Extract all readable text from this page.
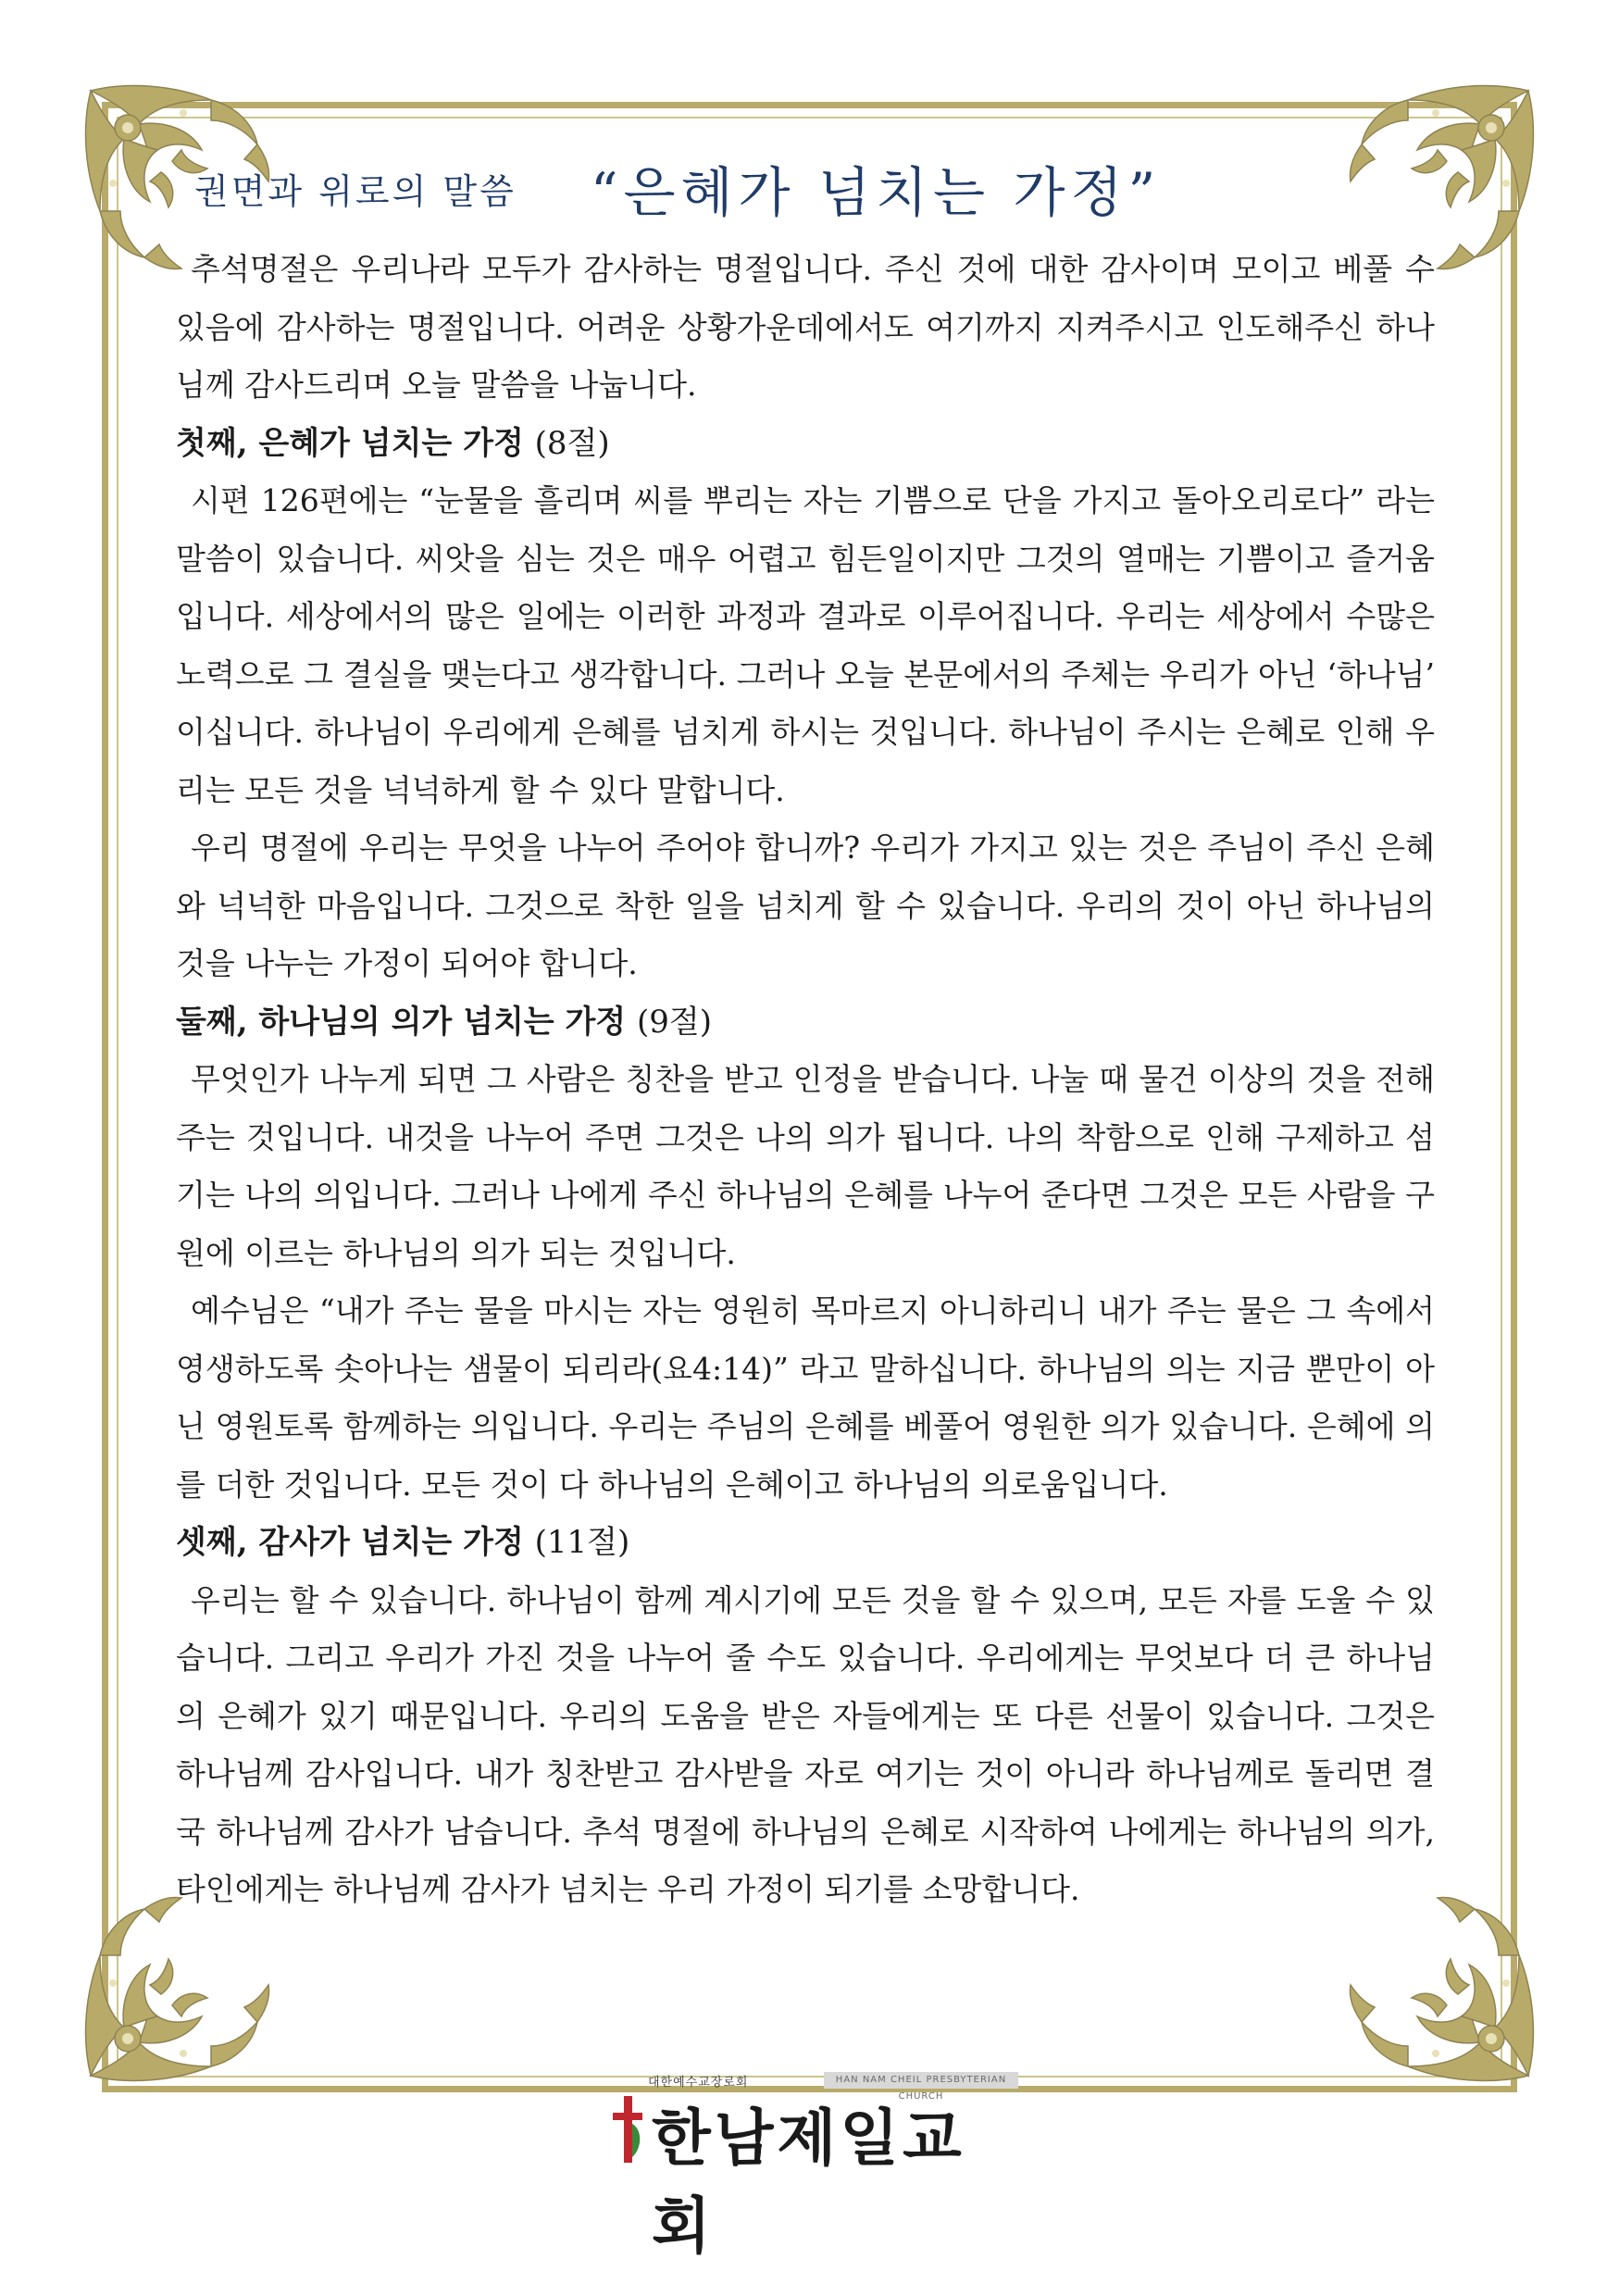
권면과 위로의 말씀 “은혜가 넘치는 가정”

추석명절은 우리나라 모두가 감사하는 명절입니다. 주신 것에 대한 감사이며 모이고 베풀 수 있음에 감사하는 명절입니다. 어려운 상황가운데에서도 여기까지 지켜주시고 인도해주신 하나님께 감사드리며 오늘 말씀을 나눕니다.

첫째, 은혜가 넘치는 가정 (8절)

시편 126편에는 “눈물을 흘리며 씨를 뿌리는 자는 기쁨으로 단을 가지고 돌아오리로다” 라는 말씀이 있습니다. 씨앗을 심는 것은 매우 어렵고 힘든일이지만 그것의 열매는 기쁨이고 즐거움입니다. 세상에서의 많은 일에는 이러한 과정과 결과로 이루어집니다. 우리는 세상에서 수많은 노력으로 그 결실을 맺는다고 생각합니다. 그러나 오늘 본문에서의 주체는 우리가 아닌 ‘하나님’ 이십니다. 하나님이 우리에게 은혜를 넘치게 하시는 것입니다. 하나님이 주시는 은혜로 인해 우리는 모든 것을 넉넉하게 할 수 있다 말합니다.

우리 명절에 우리는 무엇을 나누어 주어야 합니까? 우리가 가지고 있는 것은 주님이 주신 은혜와 넉넉한 마음입니다. 그것으로 착한 일을 넘치게 할 수 있습니다. 우리의 것이 아닌 하나님의 것을 나누는 가정이 되어야 합니다.

둘째, 하나님의 의가 넘치는 가정 (9절)

무엇인가 나누게 되면 그 사람은 칭찬을 받고 인정을 받습니다. 나눌 때 물건 이상의 것을 전해주는 것입니다. 내것을 나누어 주면 그것은 나의 의가 됩니다. 나의 착함으로 인해 구제하고 섬기는 나의 의입니다. 그러나 나에게 주신 하나님의 은혜를 나누어 준다면 그것은 모든 사람을 구원에 이르는 하나님의 의가 되는 것입니다.

예수님은 “내가 주는 물을 마시는 자는 영원히 목마르지 아니하리니 내가 주는 물은 그 속에서 영생하도록 솟아나는 샘물이 되리라(요4:14)” 라고 말하십니다. 하나님의 의는 지금 뿐만이 아닌 영원토록 함께하는 의입니다. 우리는 주님의 은혜를 베풀어 영원한 의가 있습니다. 은혜에 의를 더한 것입니다. 모든 것이 다 하나님의 은혜이고 하나님의 의로움입니다.

셋째, 감사가 넘치는 가정 (11절)

우리는 할 수 있습니다. 하나님이 함께 계시기에 모든 것을 할 수 있으며, 모든 자를 도울 수 있습니다. 그리고 우리가 가진 것을 나누어 줄 수도 있습니다. 우리에게는 무엇보다 더 큰 하나님의 은혜가 있기 때문입니다. 우리의 도움을 받은 자들에게는 또 다른 선물이 있습니다. 그것은 하나님께 감사입니다. 내가 칭찬받고 감사받을 자로 여기는 것이 아니라 하나님께로 돌리면 결국 하나님께 감사가 남습니다. 추석 명절에 하나님의 은혜로 시작하여 나에게는 하나님의 의가, 타인에게는 하나님께 감사가 넘치는 우리 가정이 되기를 소망합니다.

대한예수교장로회	HAN NAM CHEIL PRESBYTERIAN CHURCH
한남제일교회
